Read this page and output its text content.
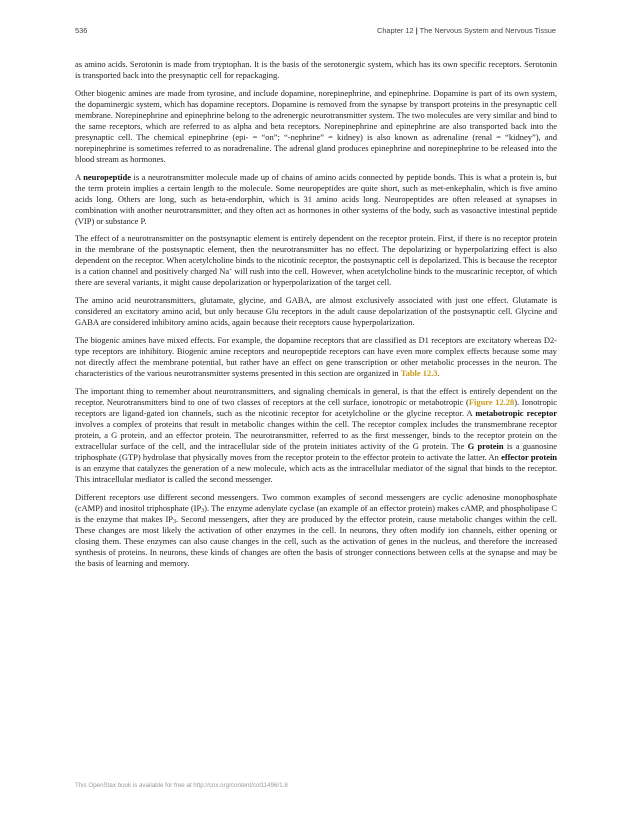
536	Chapter 12 | The Nervous System and Nervous Tissue

as amino acids. Serotonin is made from tryptophan. It is the basis of the serotonergic system, which has its own specific receptors. Serotonin is transported back into the presynaptic cell for repackaging.

Other biogenic amines are made from tyrosine, and include dopamine, norepinephrine, and epinephrine. Dopamine is part of its own system, the dopaminergic system, which has dopamine receptors. Dopamine is removed from the synapse by transport proteins in the presynaptic cell membrane. Norepinephrine and epinephrine belong to the adrenergic neurotransmitter system. The two molecules are very similar and bind to the same receptors, which are referred to as alpha and beta receptors. Norepinephrine and epinephrine are also transported back into the presynaptic cell. The chemical epinephrine (epi- = “on”; “-nephrine” = kidney) is also known as adrenaline (renal = “kidney”), and norepinephrine is sometimes referred to as noradrenaline. The adrenal gland produces epinephrine and norepinephrine to be released into the blood stream as hormones.

A neuropeptide is a neurotransmitter molecule made up of chains of amino acids connected by peptide bonds. This is what a protein is, but the term protein implies a certain length to the molecule. Some neuropeptides are quite short, such as met-enkephalin, which is five amino acids long. Others are long, such as beta-endorphin, which is 31 amino acids long. Neuropeptides are often released at synapses in combination with another neurotransmitter, and they often act as hormones in other systems of the body, such as vasoactive intestinal peptide (VIP) or substance P.

The effect of a neurotransmitter on the postsynaptic element is entirely dependent on the receptor protein. First, if there is no receptor protein in the membrane of the postsynaptic element, then the neurotransmitter has no effect. The depolarizing or hyperpolarizing effect is also dependent on the receptor. When acetylcholine binds to the nicotinic receptor, the postsynaptic cell is depolarized. This is because the receptor is a cation channel and positively charged Na+ will rush into the cell. However, when acetylcholine binds to the muscarinic receptor, of which there are several variants, it might cause depolarization or hyperpolarization of the target cell.

The amino acid neurotransmitters, glutamate, glycine, and GABA, are almost exclusively associated with just one effect. Glutamate is considered an excitatory amino acid, but only because Glu receptors in the adult cause depolarization of the postsynaptic cell. Glycine and GABA are considered inhibitory amino acids, again because their receptors cause hyperpolarization.

The biogenic amines have mixed effects. For example, the dopamine receptors that are classified as D1 receptors are excitatory whereas D2-type receptors are inhibitory. Biogenic amine receptors and neuropeptide receptors can have even more complex effects because some may not directly affect the membrane potential, but rather have an effect on gene transcription or other metabolic processes in the neuron. The characteristics of the various neurotransmitter systems presented in this section are organized in Table 12.3.

The important thing to remember about neurotransmitters, and signaling chemicals in general, is that the effect is entirely dependent on the receptor. Neurotransmitters bind to one of two classes of receptors at the cell surface, ionotropic or metabotropic (Figure 12.28). Ionotropic receptors are ligand-gated ion channels, such as the nicotinic receptor for acetylcholine or the glycine receptor. A metabotropic receptor involves a complex of proteins that result in metabolic changes within the cell. The receptor complex includes the transmembrane receptor protein, a G protein, and an effector protein. The neurotransmitter, referred to as the first messenger, binds to the receptor protein on the extracellular surface of the cell, and the intracellular side of the protein initiates activity of the G protein. The G protein is a guanosine triphosphate (GTP) hydrolase that physically moves from the receptor protein to the effector protein to activate the latter. An effector protein is an enzyme that catalyzes the generation of a new molecule, which acts as the intracellular mediator of the signal that binds to the receptor. This intracellular mediator is called the second messenger.

Different receptors use different second messengers. Two common examples of second messengers are cyclic adenosine monophosphate (cAMP) and inositol triphosphate $(IP_3)$. The enzyme adenylate cyclase (an example of an effector protein) makes cAMP, and phospholipase C is the enzyme that makes $IP_3$. Second messengers, after they are produced by the effector protein, cause metabolic changes within the cell. These changes are most likely the activation of other enzymes in the cell. In neurons, they often modify ion channels, either opening or closing them. These enzymes can also cause changes in the cell, such as the activation of genes in the nucleus, and therefore the increased synthesis of proteins. In neurons, these kinds of changes are often the basis of stronger connections between cells at the synapse and may be the basis of learning and memory.

This OpenStax book is available for free at http://cnx.org/content/col11496/1.8
